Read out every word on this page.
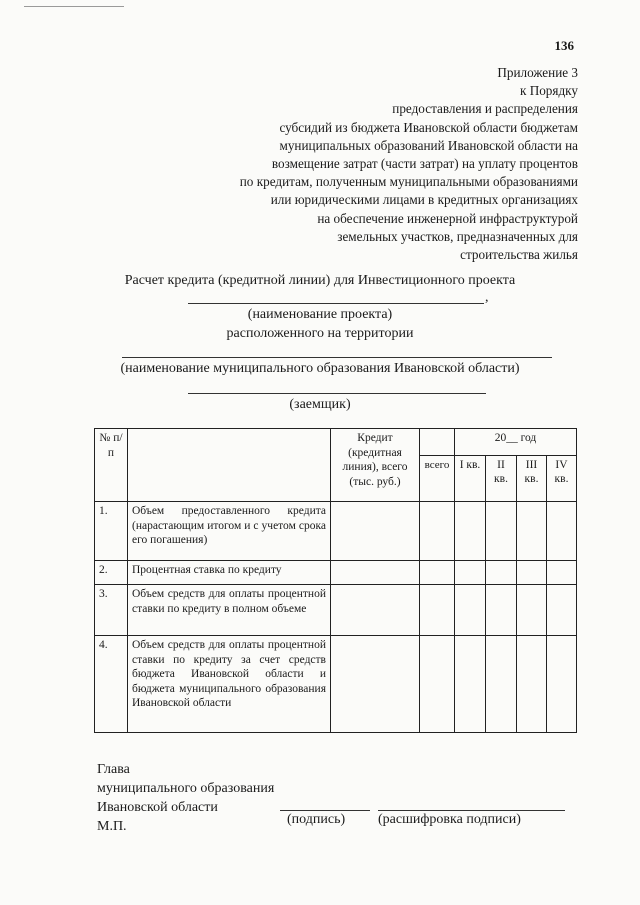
136
Приложение 3
к Порядку
предоставления и распределения
субсидий из бюджета Ивановской области бюджетам
муниципальных образований Ивановской области на
возмещение затрат (части затрат) на уплату процентов
по кредитам, полученным муниципальными образованиями
или юридическими лицами в кредитных организациях
на обеспечение инженерной инфраструктурой
земельных участков, предназначенных для
строительства жилья
Расчет кредита (кредитной линии) для Инвестиционного проекта
,
(наименование проекта)
расположенного на территории
(наименование муниципального образования Ивановской области)
(заемщик)
№ п/п		Кредит (кредитная линия), всего (тыс. руб.)		20__ год			
			всего	I кв.	II кв.	III кв.	IV кв.
1.	Объем предоставленного кредита (нарастающим итогом и с учетом срока его погашения)						
2.	Процентная ставка по кредиту						
3.	Объем средств для оплаты процентной ставки по кредиту в полном объеме						
4.	Объем средств для оплаты процентной ставки по кредиту за счет средств бюджета Ивановской области и бюджета муниципального образования Ивановской области						
Глава
муниципального образования
Ивановской области
М.П.	(подпись) (расшифровка подписи)
